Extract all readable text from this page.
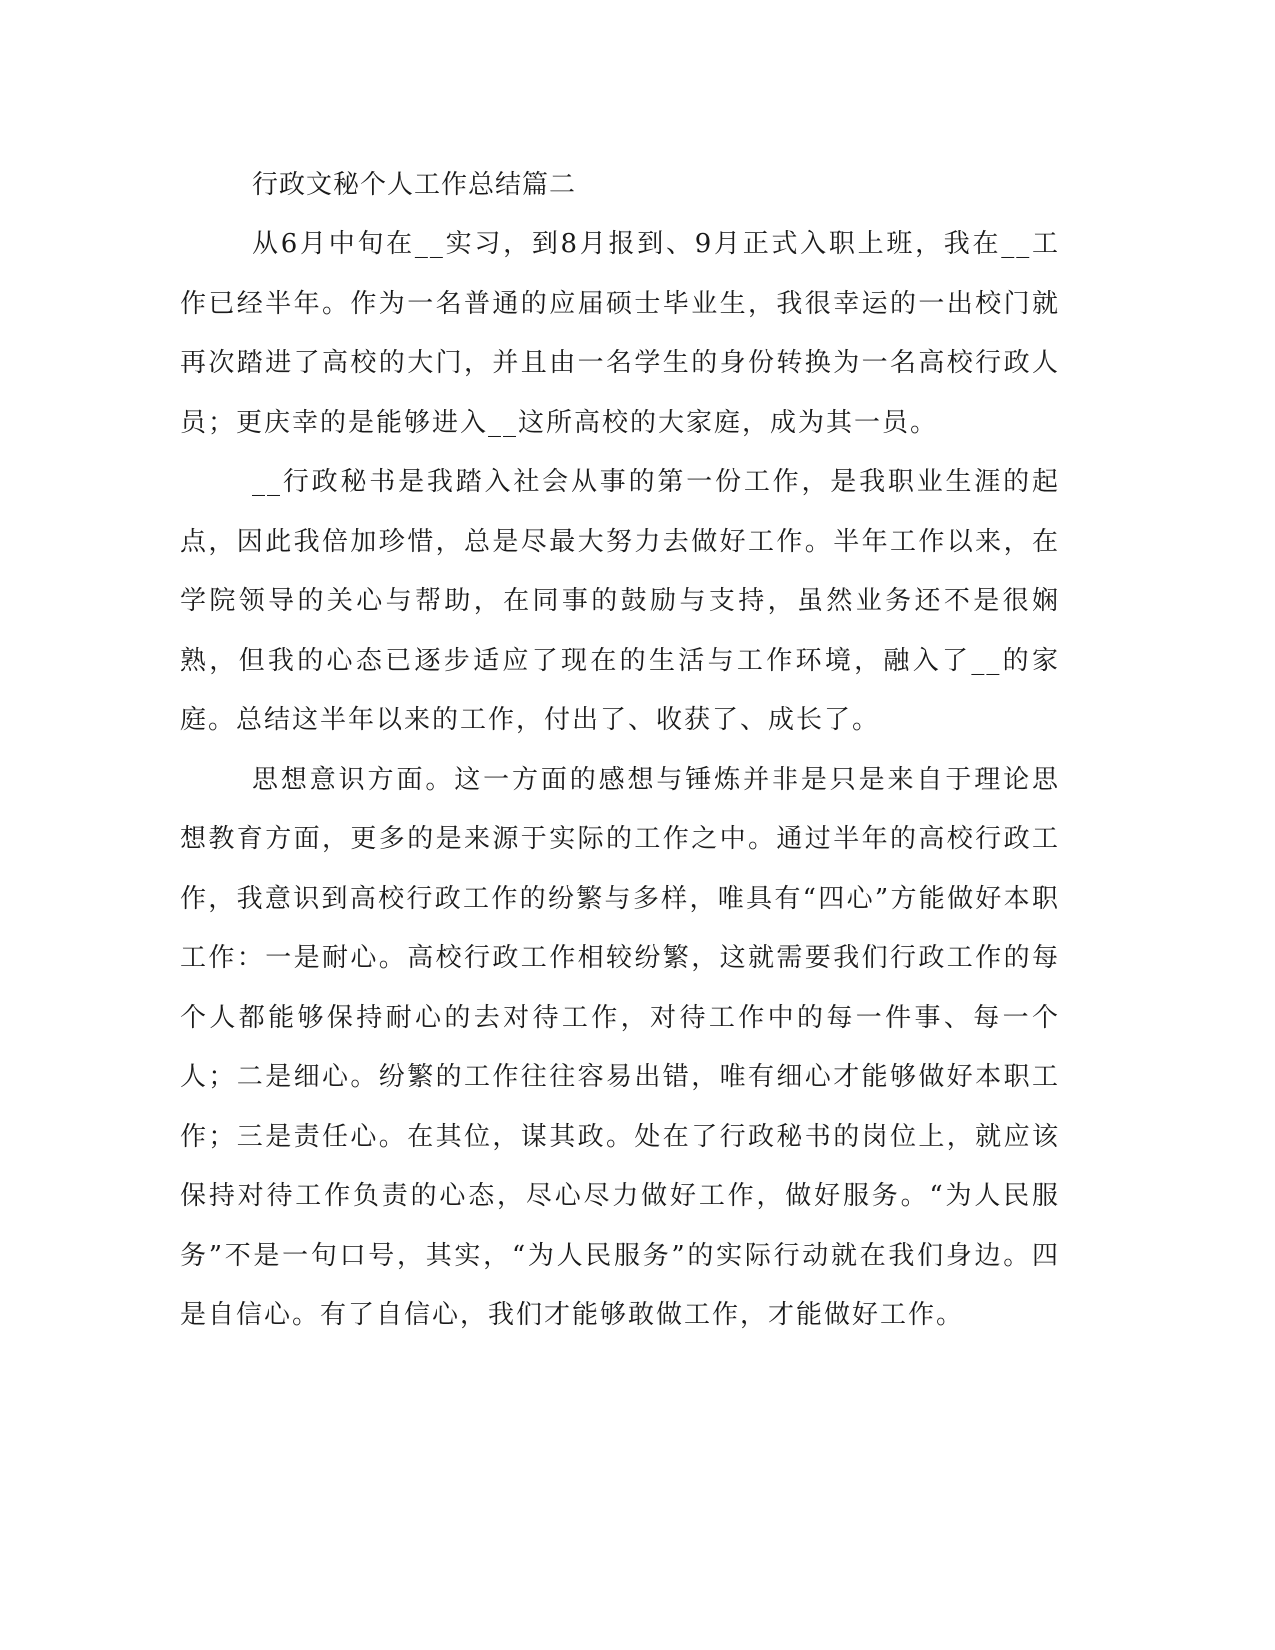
行政文秘个人工作总结篇二

从6月中旬在__实习，到8月报到、9月正式入职上班，我在__工作已经半年。作为一名普通的应届硕士毕业生，我很幸运的一出校门就再次踏进了高校的大门，并且由一名学生的身份转换为一名高校行政人员；更庆幸的是能够进入__这所高校的大家庭，成为其一员。

__行政秘书是我踏入社会从事的第一份工作，是我职业生涯的起点，因此我倍加珍惜，总是尽最大努力去做好工作。半年工作以来，在学院领导的关心与帮助，在同事的鼓励与支持，虽然业务还不是很娴熟，但我的心态已逐步适应了现在的生活与工作环境，融入了__的家庭。总结这半年以来的工作，付出了、收获了、成长了。

思想意识方面。这一方面的感想与锤炼并非是只是来自于理论思想教育方面，更多的是来源于实际的工作之中。通过半年的高校行政工作，我意识到高校行政工作的纷繁与多样，唯具有“四心”方能做好本职工作：一是耐心。高校行政工作相较纷繁，这就需要我们行政工作的每个人都能够保持耐心的去对待工作，对待工作中的每一件事、每一个人；二是细心。纷繁的工作往往容易出错，唯有细心才能够做好本职工作；三是责任心。在其位，谋其政。处在了行政秘书的岗位上，就应该保持对待工作负责的心态，尽心尽力做好工作，做好服务。“为人民服务”不是一句口号，其实，“为人民服务”的实际行动就在我们身边。四是自信心。有了自信心，我们才能够敢做工作，才能做好工作。
